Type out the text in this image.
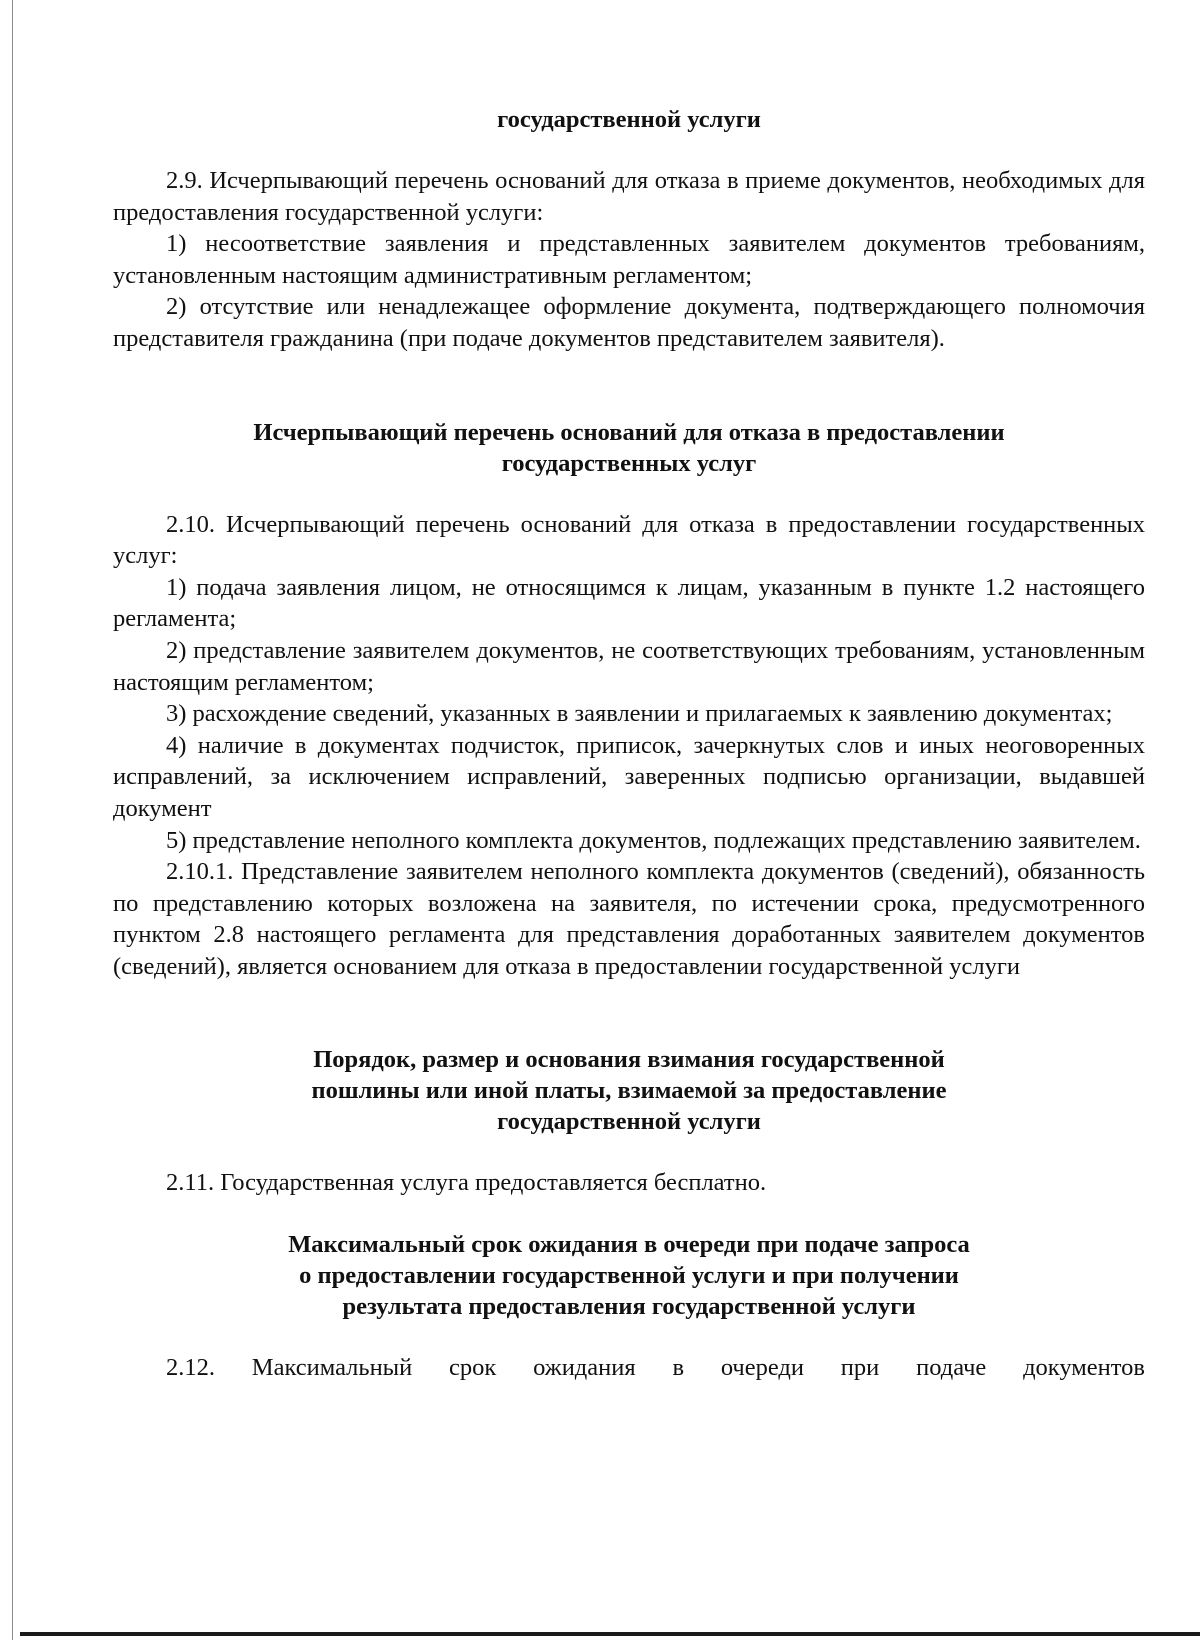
государственной услуги

2.9. Исчерпывающий перечень оснований для отказа в приеме документов, необходимых для предоставления государственной услуги:

1) несоответствие заявления и представленных заявителем документов требованиям, установленным настоящим административным регламентом;

2) отсутствие или ненадлежащее оформление документа, подтверждающего полномочия представителя гражданина (при подаче документов представителем заявителя).

Исчерпывающий перечень оснований для отказа в предоставлении
государственных услуг

2.10. Исчерпывающий перечень оснований для отказа в предоставлении государственных услуг:

1) подача заявления лицом, не относящимся к лицам, указанным в пункте 1.2 настоящего регламента;

2) представление заявителем документов, не соответствующих требованиям, установленным настоящим регламентом;

3) расхождение сведений, указанных в заявлении и прилагаемых к заявлению документах;

4) наличие в документах подчисток, приписок, зачеркнутых слов и иных неоговоренных исправлений, за исключением исправлений, заверенных подписью организации, выдавшей документ

5) представление неполного комплекта документов, подлежащих представлению заявителем.

2.10.1. Представление заявителем неполного комплекта документов (сведений), обязанность по представлению которых возложена на заявителя, по истечении срока, предусмотренного пунктом 2.8 настоящего регламента для представления доработанных заявителем документов (сведений), является основанием для отказа в предоставлении государственной услуги

Порядок, размер и основания взимания государственной
пошлины или иной платы, взимаемой за предоставление
государственной услуги

2.11. Государственная услуга предоставляется бесплатно.

Максимальный срок ожидания в очереди при подаче запроса
о предоставлении государственной услуги и при получении
результата предоставления государственной услуги

2.12. Максимальный срок ожидания в очереди при подаче документов
